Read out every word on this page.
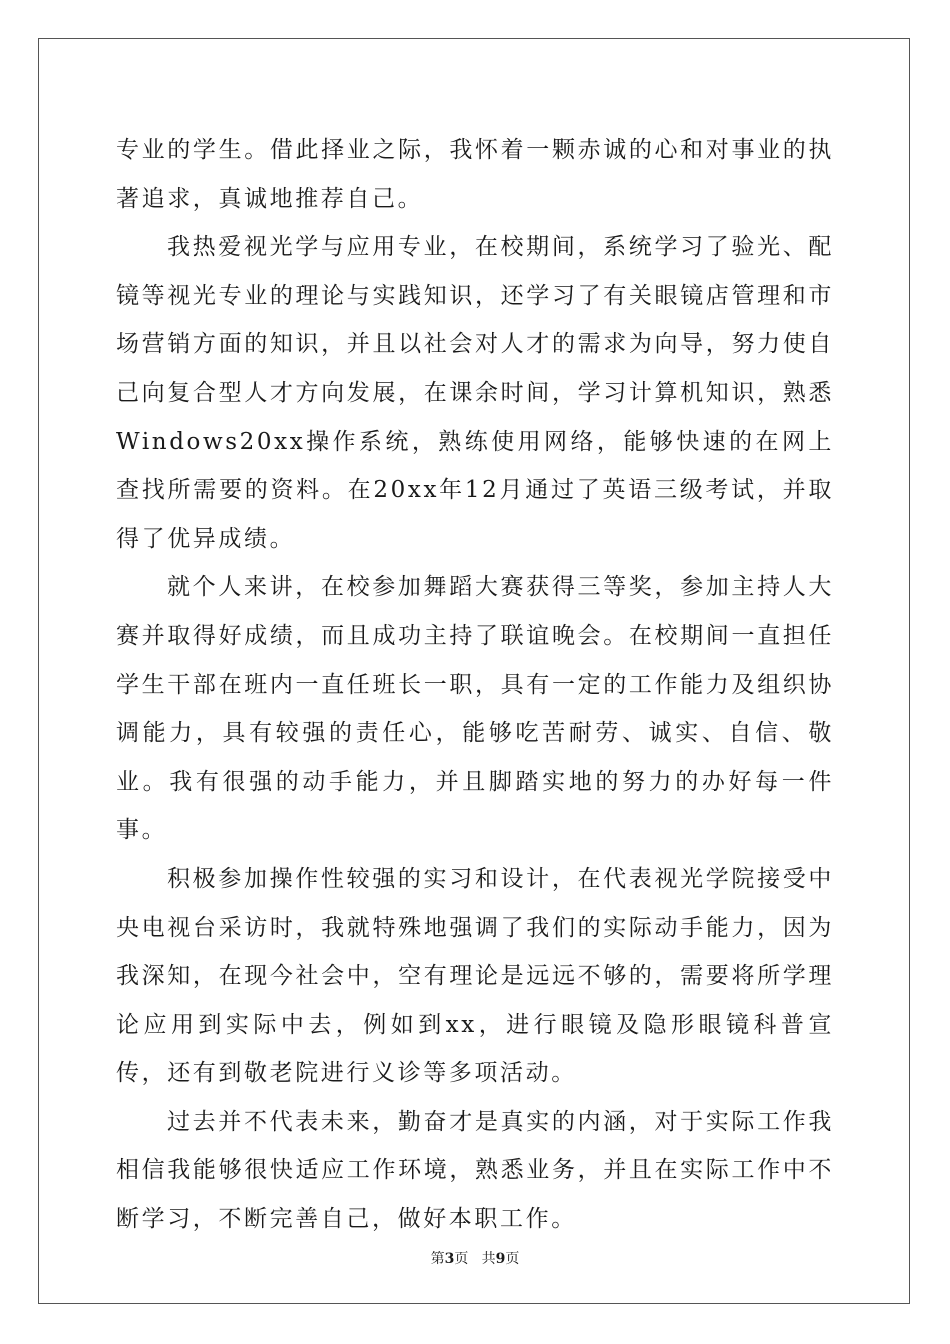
专业的学生。借此择业之际，我怀着一颗赤诚的心和对事业的执著追求，真诚地推荐自己。

我热爱视光学与应用专业，在校期间，系统学习了验光、配镜等视光专业的理论与实践知识，还学习了有关眼镜店管理和市场营销方面的知识，并且以社会对人才的需求为向导，努力使自己向复合型人才方向发展，在课余时间，学习计算机知识，熟悉Windows20xx操作系统，熟练使用网络，能够快速的在网上查找所需要的资料。在20xx年12月通过了英语三级考试，并取得了优异成绩。

就个人来讲，在校参加舞蹈大赛获得三等奖，参加主持人大赛并取得好成绩，而且成功主持了联谊晚会。在校期间一直担任学生干部在班内一直任班长一职，具有一定的工作能力及组织协调能力，具有较强的责任心，能够吃苦耐劳、诚实、自信、敬业。我有很强的动手能力，并且脚踏实地的努力的办好每一件事。

积极参加操作性较强的实习和设计，在代表视光学院接受中央电视台采访时，我就特殊地强调了我们的实际动手能力，因为我深知，在现今社会中，空有理论是远远不够的，需要将所学理论应用到实际中去，例如到xx，进行眼镜及隐形眼镜科普宣传，还有到敬老院进行义诊等多项活动。

过去并不代表未来，勤奋才是真实的内涵，对于实际工作我相信我能够很快适应工作环境，熟悉业务，并且在实际工作中不断学习，不断完善自己，做好本职工作。

第3页 共9页
